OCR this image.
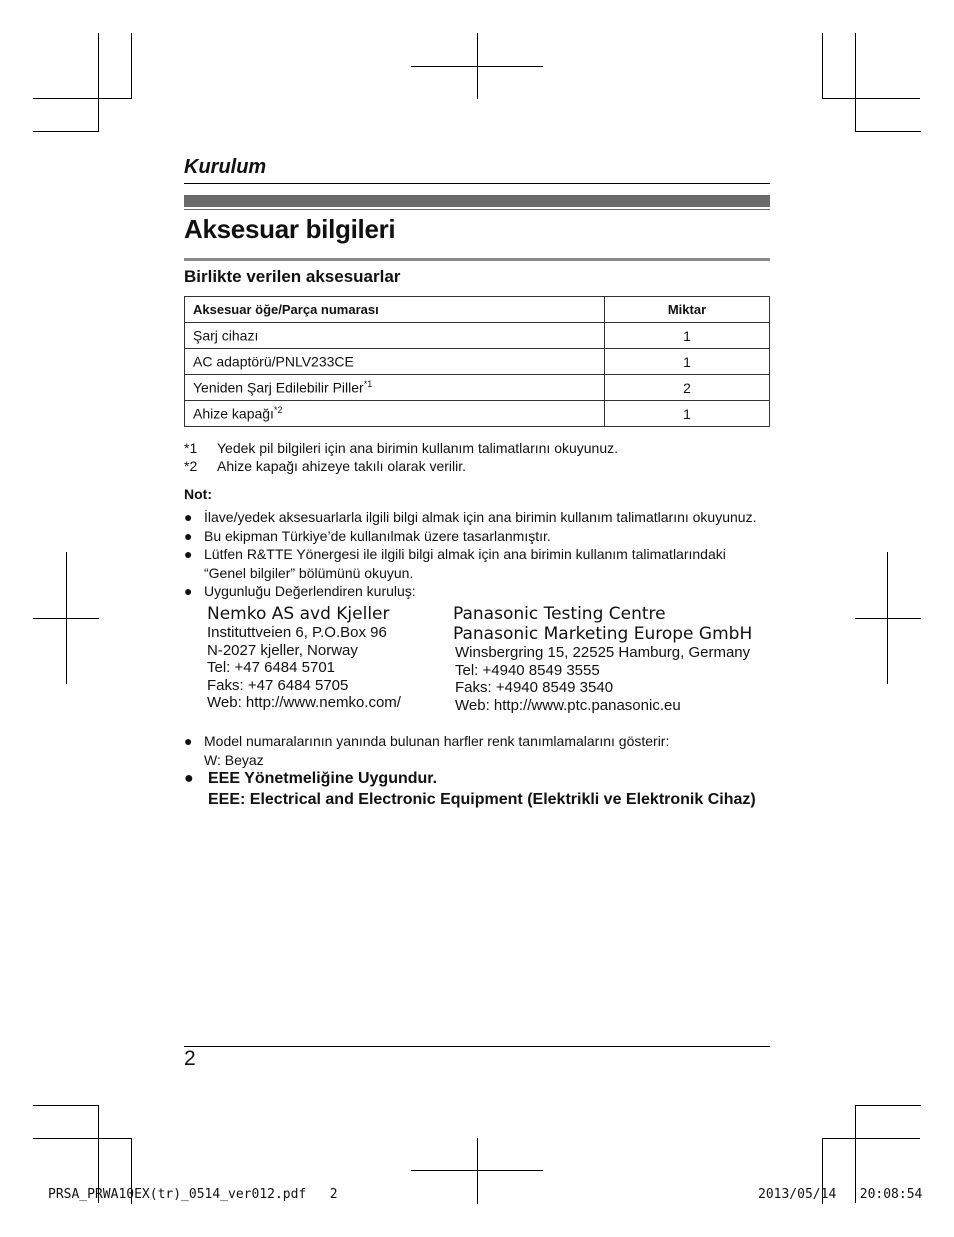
Kurulum
Aksesuar bilgileri
Birlikte verilen aksesuarlar
Aksesuar öğe/Parça numarası	Miktar
Şarj cihazı	1
AC adaptörü/PNLV233CE	1
Yeniden Şarj Edilebilir Piller$^{*1}$	2
Ahize kapağı$^{*2}$	1
*1 Yedek pil bilgileri için ana birimin kullanım talimatlarını okuyunuz.
*2 Ahize kapağı ahizeye takılı olarak verilir.
Not:
● İlave/yedek aksesuarlarla ilgili bilgi almak için ana birimin kullanım talimatlarını okuyunuz.
● Bu ekipman Türkiye’de kullanılmak üzere tasarlanmıştır.
● Lütfen R&TTE Yönergesi ile ilgili bilgi almak için ana birimin kullanım talimatlarındaki
“Genel bilgiler” bölümünü okuyun.
● Uygunluğu Değerlendiren kuruluş:
Nemko AS avd Kjeller
Instituttveien 6, P.O.Box 96
N-2027 kjeller, Norway
Tel: +47 6484 5701
Faks: +47 6484 5705
Web: http://www.nemko.com/
Panasonic Testing Centre
Panasonic Marketing Europe GmbH
Winsbergring 15, 22525 Hamburg, Germany
Tel: +4940 8549 3555
Faks: +4940 8549 3540
Web: http://www.ptc.panasonic.eu
● Model numaralarının yanında bulunan harfler renk tanımlamalarını gösterir:
W: Beyaz
● EEE Yönetmeliğine Uygundur.
EEE: Electrical and Electronic Equipment (Elektrikli ve Elektronik Cihaz)
2
PRSA_PRWA10EX(tr)_0514_ver012.pdf   2	2013/05/14   20:08:54
